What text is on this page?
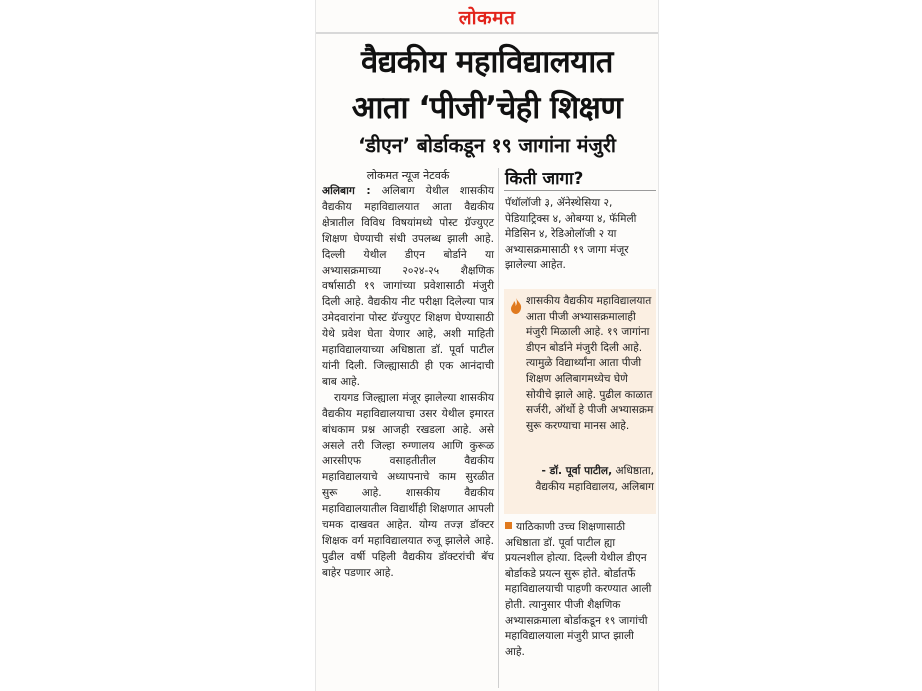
लोकमत
वैद्यकीय महाविद्यालयात
आता ‘पीजी’चेही शिक्षण
‘डीएन’ बोर्डाकडून १९ जागांना मंजुरी
लोकमत न्यूज नेटवर्क

अलिबाग : अलिबाग येथील शासकीय वैद्यकीय महाविद्यालयात आता वैद्यकीय क्षेत्रातील विविध विषयांमध्ये पोस्ट ग्रॅज्युएट शिक्षण घेण्याची संधी उपलब्ध झाली आहे. दिल्ली येथील डीएन बोर्डाने या अभ्यासक्रमाच्या २०२४-२५ शैक्षणिक वर्षासाठी १९ जागांच्या प्रवेशासाठी मंजुरी दिली आहे. वैद्यकीय नीट परीक्षा दिलेल्या पात्र उमेदवारांना पोस्ट ग्रॅज्युएट शिक्षण घेण्यासाठी येथे प्रवेश घेता येणार आहे, अशी माहिती महाविद्यालयाच्या अधिष्ठाता डॉ. पूर्वा पाटील यांनी दिली. जिल्ह्यासाठी ही एक आनंदाची बाब आहे.

रायगड जिल्ह्याला मंजूर झालेल्या शासकीय वैद्यकीय महाविद्यालयाचा उसर येथील इमारत बांधकाम प्रश्न आजही रखडला आहे. असे असले तरी जिल्हा रुग्णालय आणि कुरूळ आरसीएफ वसाहतीतील वैद्यकीय महाविद्यालयाचे अध्यापनाचे काम सुरळीत सुरू आहे. शासकीय वैद्यकीय महाविद्यालयातील विद्यार्थीही शिक्षणात आपली चमक दाखवत आहेत. योग्य तज्ज्ञ डॉक्टर शिक्षक वर्ग महाविद्यालयात रुजू झालेले आहे. पुढील वर्षी पहिली वैद्यकीय डॉक्टरांची बॅच बाहेर पडणार आहे.

किती जागा?
पॅथॉलॉजी ३, ॲनेस्थेसिया २, पेडियाट्रिक्स ४, ओबग्या ४, फॅमिली मेडिसिन ४, रेडिओलॉजी २ या अभ्यासक्रमासाठी १९ जागा मंजूर झालेल्या आहेत.
शासकीय वैद्यकीय महाविद्यालयात आता पीजी अभ्यासक्रमालाही मंजुरी मिळाली आहे. १९ जागांना डीएन बोर्डाने मंजुरी दिली आहे. त्यामुळे विद्यार्थ्यांना आता पीजी शिक्षण अलिबागमध्येच घेणे सोयीचे झाले आहे. पुढील काळात सर्जरी, ऑर्थो हे पीजी अभ्यासक्रम सुरू करण्याचा मानस आहे.
- डॉ. पूर्वा पाटील, अधिष्ठाता, वैद्यकीय महाविद्यालय, अलिबाग
याठिकाणी उच्च शिक्षणासाठी अधिष्ठाता डॉ. पूर्वा पाटील ह्या प्रयत्नशील होत्या. दिल्ली येथील डीएन बोर्डाकडे प्रयत्न सुरू होते. बोर्डातर्फे महाविद्यालयाची पाहणी करण्यात आली होती. त्यानुसार पीजी शैक्षणिक अभ्यासक्रमाला बोर्डाकडून १९ जागांची महाविद्यालयाला मंजुरी प्राप्त झाली आहे.
